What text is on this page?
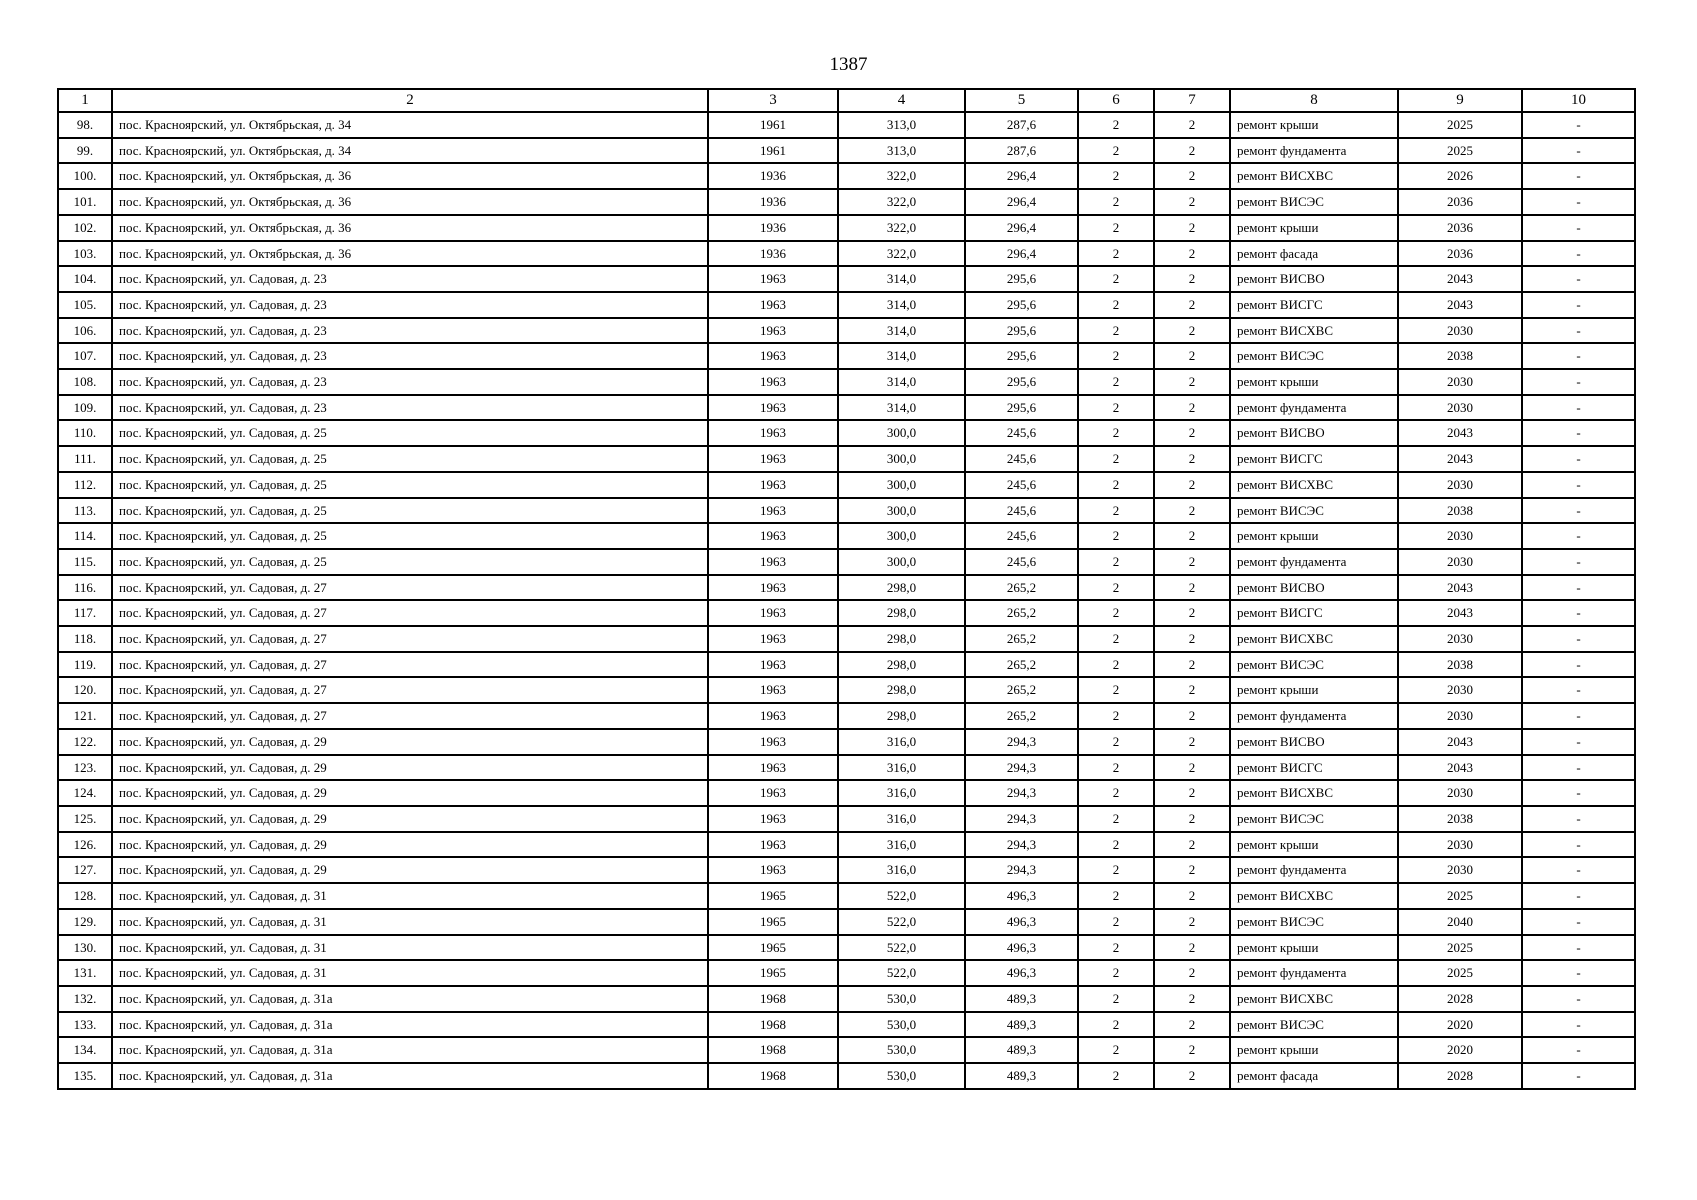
1387
1	2	3	4	5	6	7	8	9	10
98.	пос. Красноярский, ул. Октябрьская, д. 34	1961	313,0	287,6	2	2	ремонт крыши	2025	-
99.	пос. Красноярский, ул. Октябрьская, д. 34	1961	313,0	287,6	2	2	ремонт фундамента	2025	-
100.	пос. Красноярский, ул. Октябрьская, д. 36	1936	322,0	296,4	2	2	ремонт ВИСХВС	2026	-
101.	пос. Красноярский, ул. Октябрьская, д. 36	1936	322,0	296,4	2	2	ремонт ВИСЭС	2036	-
102.	пос. Красноярский, ул. Октябрьская, д. 36	1936	322,0	296,4	2	2	ремонт крыши	2036	-
103.	пос. Красноярский, ул. Октябрьская, д. 36	1936	322,0	296,4	2	2	ремонт фасада	2036	-
104.	пос. Красноярский, ул. Садовая, д. 23	1963	314,0	295,6	2	2	ремонт ВИСВО	2043	-
105.	пос. Красноярский, ул. Садовая, д. 23	1963	314,0	295,6	2	2	ремонт ВИСГС	2043	-
106.	пос. Красноярский, ул. Садовая, д. 23	1963	314,0	295,6	2	2	ремонт ВИСХВС	2030	-
107.	пос. Красноярский, ул. Садовая, д. 23	1963	314,0	295,6	2	2	ремонт ВИСЭС	2038	-
108.	пос. Красноярский, ул. Садовая, д. 23	1963	314,0	295,6	2	2	ремонт крыши	2030	-
109.	пос. Красноярский, ул. Садовая, д. 23	1963	314,0	295,6	2	2	ремонт фундамента	2030	-
110.	пос. Красноярский, ул. Садовая, д. 25	1963	300,0	245,6	2	2	ремонт ВИСВО	2043	-
111.	пос. Красноярский, ул. Садовая, д. 25	1963	300,0	245,6	2	2	ремонт ВИСГС	2043	-
112.	пос. Красноярский, ул. Садовая, д. 25	1963	300,0	245,6	2	2	ремонт ВИСХВС	2030	-
113.	пос. Красноярский, ул. Садовая, д. 25	1963	300,0	245,6	2	2	ремонт ВИСЭС	2038	-
114.	пос. Красноярский, ул. Садовая, д. 25	1963	300,0	245,6	2	2	ремонт крыши	2030	-
115.	пос. Красноярский, ул. Садовая, д. 25	1963	300,0	245,6	2	2	ремонт фундамента	2030	-
116.	пос. Красноярский, ул. Садовая, д. 27	1963	298,0	265,2	2	2	ремонт ВИСВО	2043	-
117.	пос. Красноярский, ул. Садовая, д. 27	1963	298,0	265,2	2	2	ремонт ВИСГС	2043	-
118.	пос. Красноярский, ул. Садовая, д. 27	1963	298,0	265,2	2	2	ремонт ВИСХВС	2030	-
119.	пос. Красноярский, ул. Садовая, д. 27	1963	298,0	265,2	2	2	ремонт ВИСЭС	2038	-
120.	пос. Красноярский, ул. Садовая, д. 27	1963	298,0	265,2	2	2	ремонт крыши	2030	-
121.	пос. Красноярский, ул. Садовая, д. 27	1963	298,0	265,2	2	2	ремонт фундамента	2030	-
122.	пос. Красноярский, ул. Садовая, д. 29	1963	316,0	294,3	2	2	ремонт ВИСВО	2043	-
123.	пос. Красноярский, ул. Садовая, д. 29	1963	316,0	294,3	2	2	ремонт ВИСГС	2043	-
124.	пос. Красноярский, ул. Садовая, д. 29	1963	316,0	294,3	2	2	ремонт ВИСХВС	2030	-
125.	пос. Красноярский, ул. Садовая, д. 29	1963	316,0	294,3	2	2	ремонт ВИСЭС	2038	-
126.	пос. Красноярский, ул. Садовая, д. 29	1963	316,0	294,3	2	2	ремонт крыши	2030	-
127.	пос. Красноярский, ул. Садовая, д. 29	1963	316,0	294,3	2	2	ремонт фундамента	2030	-
128.	пос. Красноярский, ул. Садовая, д. 31	1965	522,0	496,3	2	2	ремонт ВИСХВС	2025	-
129.	пос. Красноярский, ул. Садовая, д. 31	1965	522,0	496,3	2	2	ремонт ВИСЭС	2040	-
130.	пос. Красноярский, ул. Садовая, д. 31	1965	522,0	496,3	2	2	ремонт крыши	2025	-
131.	пос. Красноярский, ул. Садовая, д. 31	1965	522,0	496,3	2	2	ремонт фундамента	2025	-
132.	пос. Красноярский, ул. Садовая, д. 31а	1968	530,0	489,3	2	2	ремонт ВИСХВС	2028	-
133.	пос. Красноярский, ул. Садовая, д. 31а	1968	530,0	489,3	2	2	ремонт ВИСЭС	2020	-
134.	пос. Красноярский, ул. Садовая, д. 31а	1968	530,0	489,3	2	2	ремонт крыши	2020	-
135.	пос. Красноярский, ул. Садовая, д. 31а	1968	530,0	489,3	2	2	ремонт фасада	2028	-
